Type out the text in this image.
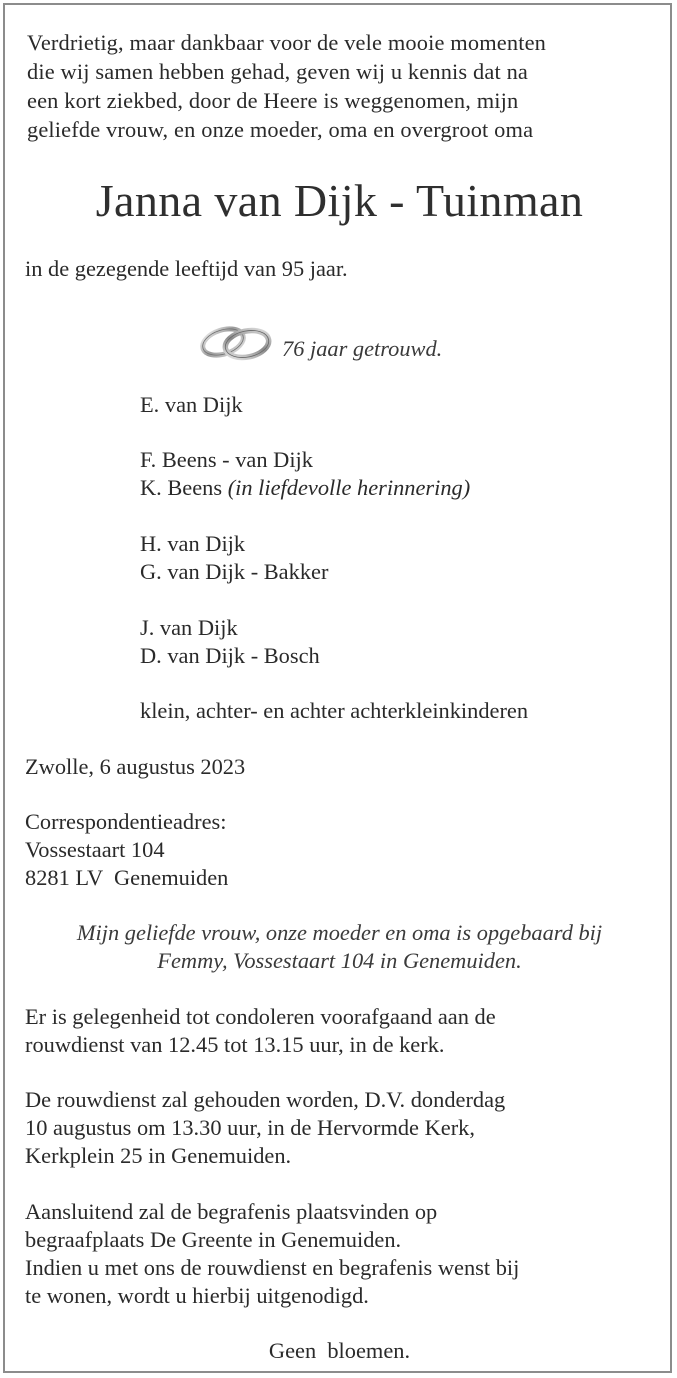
Verdrietig, maar dankbaar voor de vele mooie momenten
die wij samen hebben gehad, geven wij u kennis dat na
een kort ziekbed, door de Heere is weggenomen, mijn
geliefde vrouw, en onze moeder, oma en overgroot oma
Janna van Dijk - Tuinman
in de gezegende leeftijd van 95 jaar.
76 jaar getrouwd.
E. van Dijk
F. Beens - van Dijk
K. Beens (in liefdevolle herinnering)
H. van Dijk
G. van Dijk - Bakker
J. van Dijk
D. van Dijk - Bosch
klein, achter- en achter achterkleinkinderen
Zwolle, 6 augustus 2023
Correspondentieadres:
Vossestaart 104
8281 LV  Genemuiden
Mijn geliefde vrouw, onze moeder en oma is opgebaard bij
Femmy, Vossestaart 104 in Genemuiden.
Er is gelegenheid tot condoleren voorafgaand aan de
rouwdienst van 12.45 tot 13.15 uur, in de kerk.
De rouwdienst zal gehouden worden, D.V. donderdag
10 augustus om 13.30 uur, in de Hervormde Kerk,
Kerkplein 25 in Genemuiden.
Aansluitend zal de begrafenis plaatsvinden op
begraafplaats De Greente in Genemuiden.
Indien u met ons de rouwdienst en begrafenis wenst bij
te wonen, wordt u hierbij uitgenodigd.
Geen  bloemen.
